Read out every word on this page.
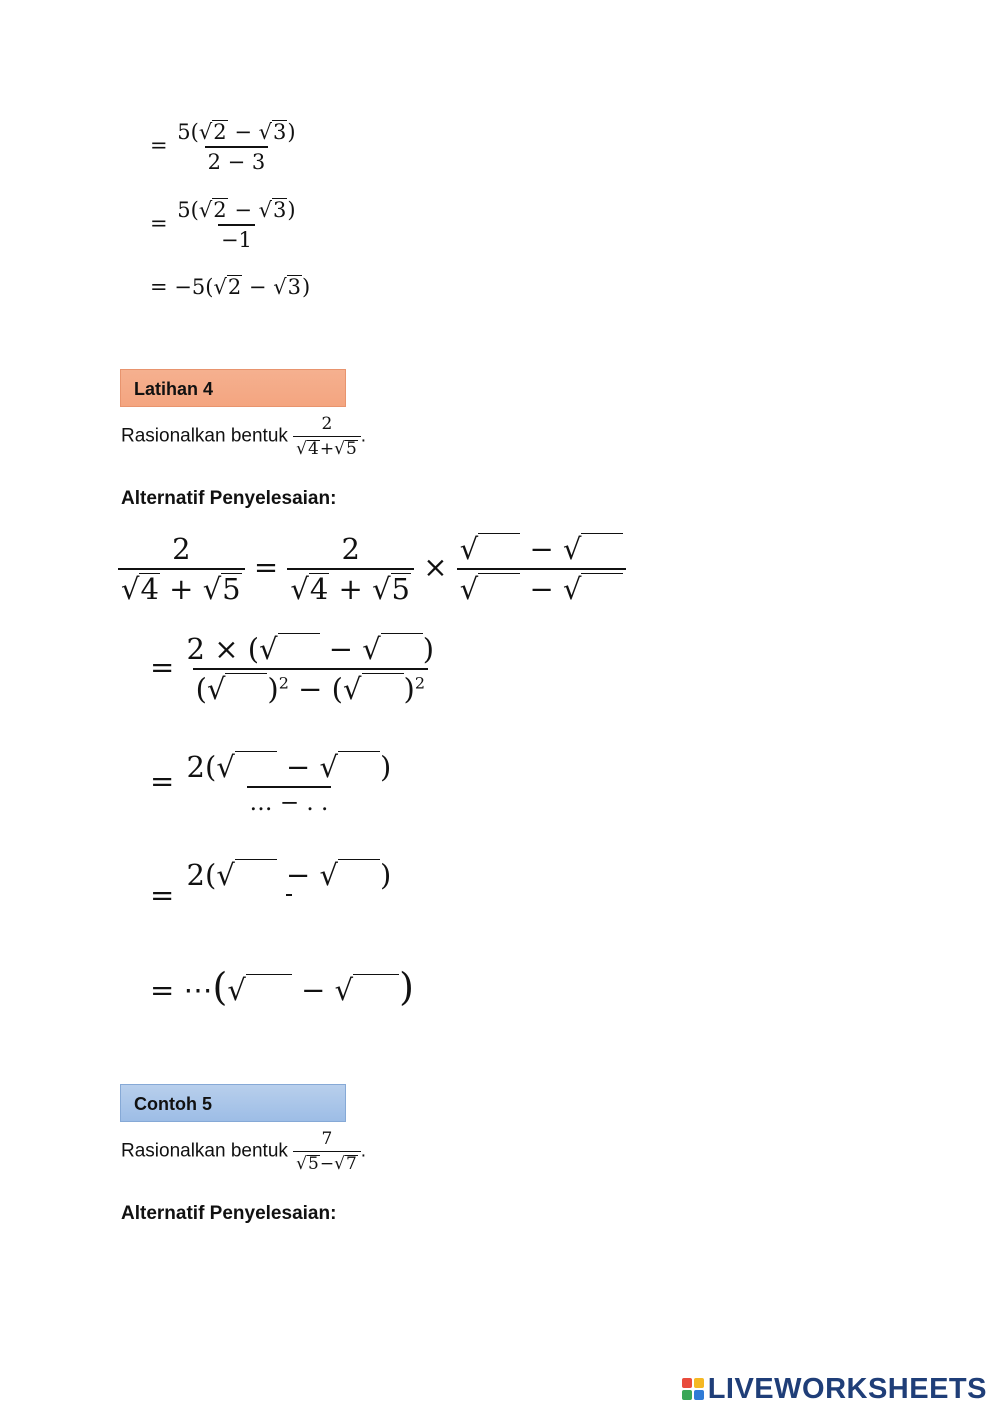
= $\frac{5(√2 - √3)}{2 - 3}$
= $\frac{5(√2 - √3)}{-1}$
= −5(√2 − √3)
Latihan 4
Rasionalkan bentuk $\frac{2}{√4+√5}$ .
Alternatif Penyelesaian:
$\frac{2}{√4 + √5} = \frac{2}{√4 + √5} \times \frac{√ - √}{√ - √}$
= $\frac{2 \times (√ - √ )}{(√ )^2 - (√ )^2}$
= $\frac{2(√ - √ )}{\dots - . .}$
=
2(√ − √ )
= ⋯(√ − √ )
Contoh 5
Rasionalkan bentuk $\frac{7}{√5-√7}$ .
Alternatif Penyelesaian:
LIVEWORKSHEETS
